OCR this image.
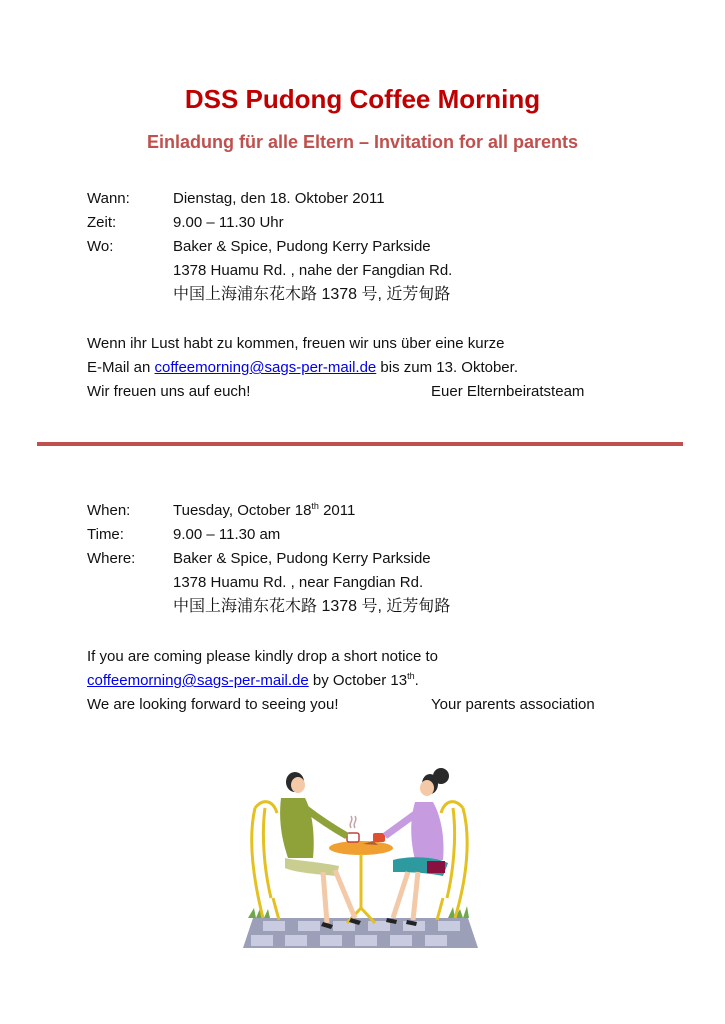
DSS Pudong Coffee Morning
Einladung für alle Eltern – Invitation for all parents
Wann:	Dienstag, den 18. Oktober 2011
Zeit:	9.00 – 11.30 Uhr
Wo:	Baker & Spice, Pudong Kerry Parkside
1378 Huamu Rd. , nahe der Fangdian Rd.
中国上海浦东花木路 1378 号, 近芳甸路
Wenn ihr Lust habt zu kommen, freuen wir uns über eine kurze
E-Mail an coffeemorning@sags-per-mail.de bis zum 13. Oktober.
Wir freuen uns auf euch!	Euer Elternbeiratsteam
When:	Tuesday, October 18th 2011
Time:	9.00 – 11.30 am
Where:	Baker & Spice, Pudong Kerry Parkside
1378 Huamu Rd. , near Fangdian Rd.
中国上海浦东花木路 1378 号, 近芳甸路
If you are coming please kindly drop a short notice to
coffeemorning@sags-per-mail.de by October 13th.
We are looking forward to seeing you!	Your parents association
